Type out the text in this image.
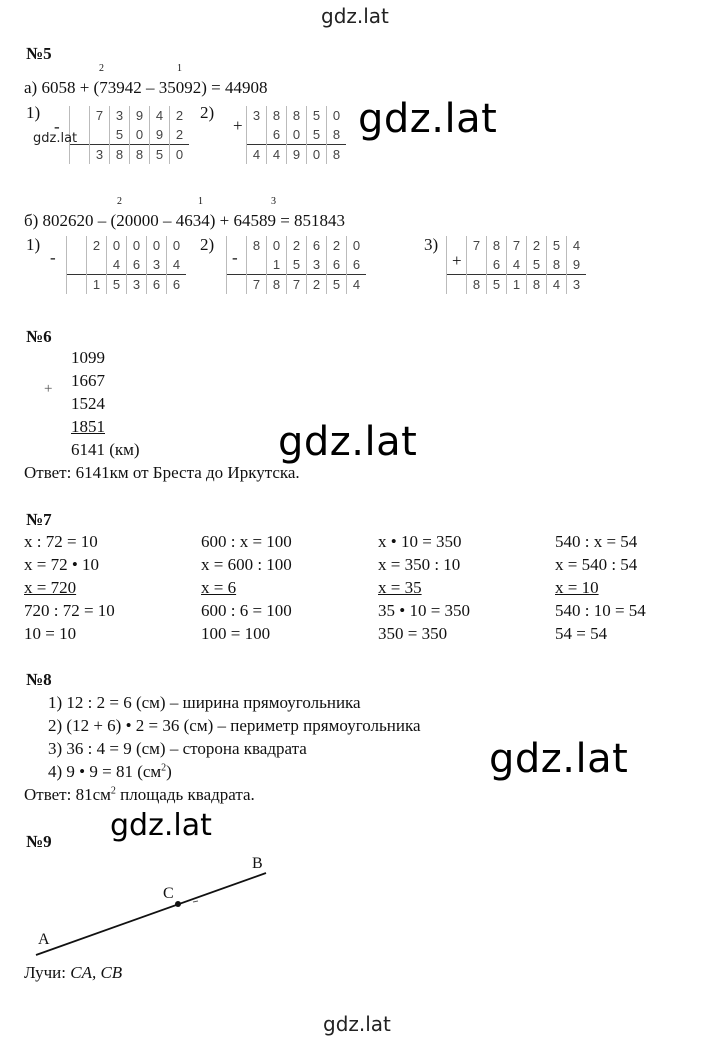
gdz.lat
№5
2	1
а) 6058 + (73942 – 35092) = 44908
1)
-
	7	3	9	4	2
		5	0	9	2
	3	8	8	5	0
gdz.lat
2)
+
3	8	8	5	0
	6	0	5	8
4	4	9	0	8
gdz.lat
2	1	3
б) 802620 – (20000 – 4634) + 64589 = 851843
1)
-
	2	0	0	0	0
		4	6	3	4
	1	5	3	6	6
2)
-
	8	0	2	6	2	0
		1	5	3	6	6
	7	8	7	2	5	4
3)
+
	7	8	7	2	5	4
		6	4	5	8	9
	8	5	1	8	4	3
№6
+
1099
1667
1524
1851
6141 (км)
Ответ: 6141км от Бреста до Иркутска.
gdz.lat
№7
x : 72 = 10
x = 72 • 10
x = 720
720 : 72 = 10
10 = 10
600 : x = 100
x = 600 : 100
x = 6
600 : 6 = 100
100 = 100
x • 10 = 350
x = 350 : 10
x = 35
35 • 10 = 350
350 = 350
540 : x = 54
x = 540 : 54
x = 10
540 : 10 = 54
54 = 54
№8
1) 12 : 2 = 6 (см) – ширина прямоугольника
2) (12 + 6) • 2 = 36 (см) – периметр прямоугольника
3) 36 : 4 = 9 (см) – сторона квадрата
4) 9 • 9 = 81 $(см^2)$
Ответ: $81см^2$ площадь квадрата.
gdz.lat
gdz.lat
№9
A
C
B
Лучи: CA, CB
gdz.lat
